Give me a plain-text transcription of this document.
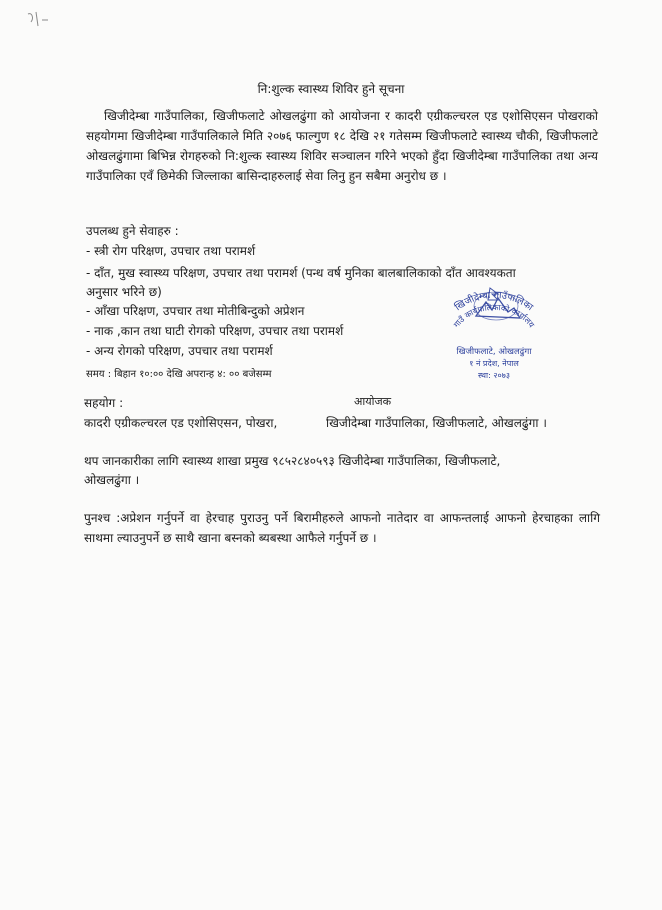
नि:शुल्क स्वास्थ्य शिविर हुने सूचना
खिजीदेम्बा गाउँपालिका, खिजीफलाटे ओखलढुंगा को आयोजना र कादरी एग्रीकल्चरल एड एशोसिएसन पोखराको सहयोगमा खिजीदेम्बा गाउँपालिकाले मिति २०७६ फाल्गुण १८ देखि २१ गतेसम्म खिजीफलाटे स्वास्थ्य चौकी, खिजीफलाटे ओखलढुंगामा बिभिन्न रोगहरुको नि:शुल्क स्वास्थ्य शिविर सञ्चालन गरिने भएको हुँदा खिजीदेम्बा गाउँपालिका तथा अन्य गाउँपालिका एवँ छिमेकी जिल्लाका बासिन्दाहरुलाई सेवा लिनु हुन सबैमा अनुरोध छ ।
उपलब्ध हुने सेवाहरु :
- स्त्री रोग परिक्षण, उपचार तथा परामर्श
- दाँत, मुख स्वास्थ्य परिक्षण, उपचार तथा परामर्श (पन्ध वर्ष मुनिका बालबालिकाको दाँत आवश्यकता
अनुसार भरिने छ)
- आँखा परिक्षण, उपचार तथा मोतीबिन्दुको अप्रेशन
- नाक ,कान तथा घाटी रोगको परिक्षण, उपचार तथा परामर्श
- अन्य रोगको परिक्षण, उपचार तथा परामर्श
समय : बिहान १०:०० देखि अपरान्ह ४: ०० बजेसम्म
सहयोग :	आयोजक
कादरी एग्रीकल्चरल एड एशोसिएसन, पोखरा,	खिजीदेम्बा गाउँपालिका, खिजीफलाटे, ओखलढुंगा ।
थप जानकारीका लागि स्वास्थ्य शाखा प्रमुख ९८५२८४०५९३ खिजीदेम्बा गाउँपालिका, खिजीफलाटे,
ओखलढुंगा ।
पुनश्च :अप्रेशन गर्नुपर्ने वा हेरचाह पुराउनु पर्ने बिरामीहरुले आफनो नातेदार वा आफन्तलाई आफनो हेरचाहका लागि साथमा ल्याउनुपर्ने छ साथै खाना बस्नको ब्यबस्था आफैले गर्नुपर्ने छ ।
खिजीदेम्बा गाउँपालिका
गाउँ कार्यपालिकाको कार्यालय
खिजीफलाटे, ओखलढुंगा
१ नं प्रदेश, नेपाल
स्था: २०७३
